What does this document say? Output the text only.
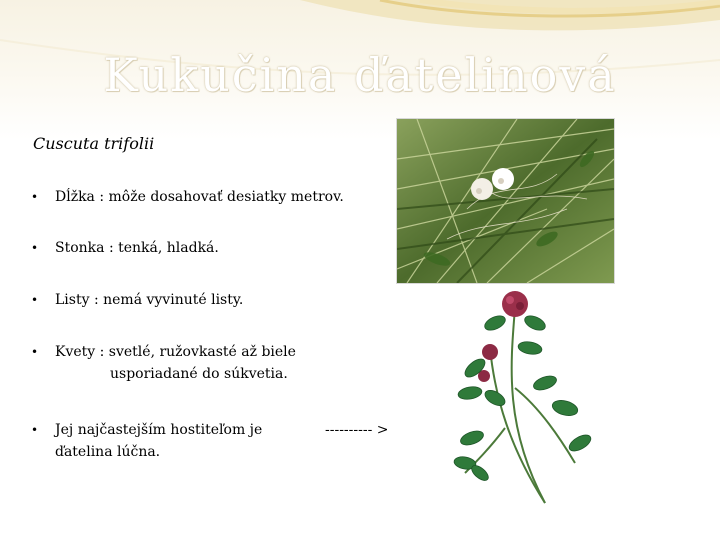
Kukučina ďatelinová
Cuscuta trifolii
• Dĺžka : môže dosahovať desiatky metrov.
• Stonka : tenká, hladká.
• Listy : nemá vyvinuté listy.
• Kvety : svetlé, ružovkasté až biele
usporiadané do súkvetia.
• Jej najčastejším hostiteľom je
ďatelina lúčna.
---------- >
